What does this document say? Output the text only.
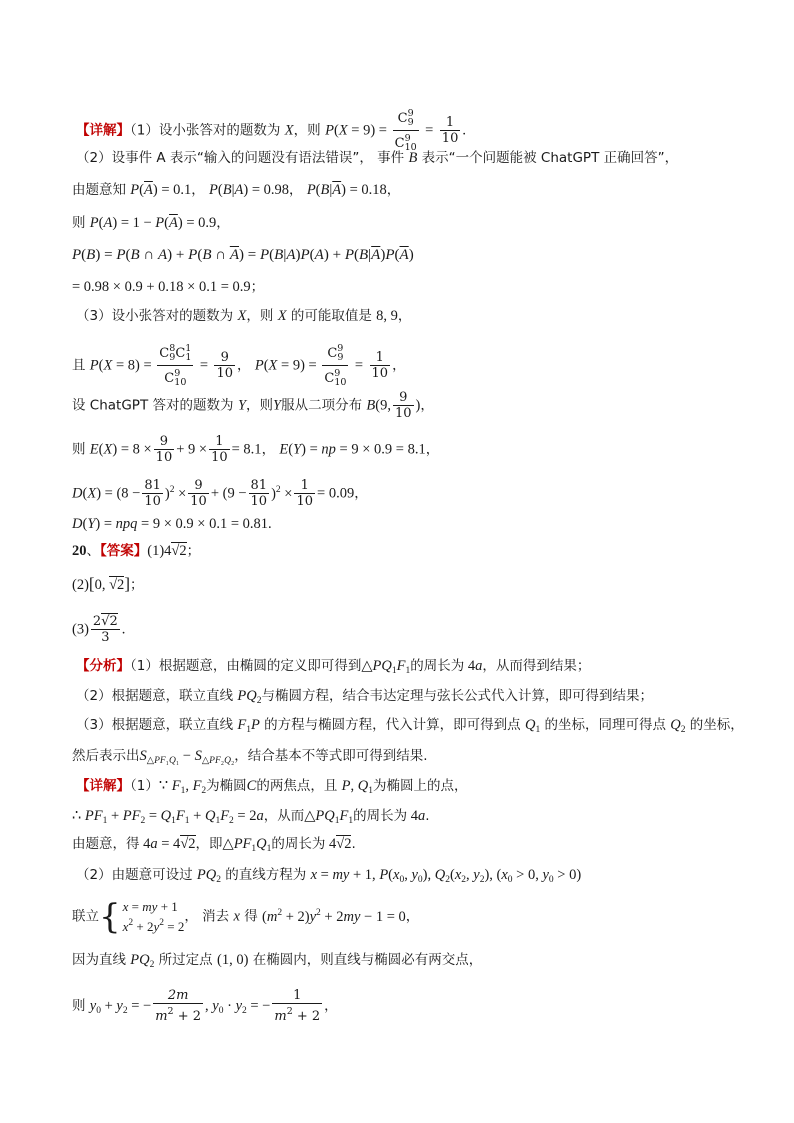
【详解】（1）设小张答对的题数为 X，则 $P(X = 9) = \frac{C^9_9}{C^9_{10}} = \frac{1}{10}$ .
（2）设事件 A 表示“输入的问题没有语法错误”， 事件 B 表示“一个问题能被 ChatGPT 正确回答”，
由题意知 $P(\overline{A}) = 0.1$， P(B|A) = 0.98， $P(B|\overline{A}) = 0.18$，
则 $P(A) = 1 - P(\overline{A}) = 0.9$，
P(B) = P(B ∩ A) + P(B ∩ $\overline{A}) = P(B|A)P(A) + P(B|\overline{A})P(\overline{A})$
= 0.98 × 0.9 + 0.18 × 0.1 = 0.9；
（3）设小张答对的题数为 X，则 X 的可能取值是 8, 9，
且 $P(X = 8) = \frac{C^8_9C^1_1}{C^9_{10}} = \frac{9}{10}$ ， $P(X = 9) = \frac{C^9_9}{C^9_{10}} = \frac{1}{10}$ ，
设 ChatGPT 答对的题数为 Y，则Y服从二项分布 B(9, $\frac{9}{10}$ )，
则 $E(X) = 8 \times \frac{9}{10} + 9 \times \frac{1}{10} = 8.1$， E(Y) = np = 9 × 0.9 = 8.1，
$D(X) = (8 - \frac{81}{10} )^2 \times \frac{9}{10} + (9 - \frac{81}{10} )^2 \times \frac{1}{10} = 0.09$，
D(Y) = npq = 9 × 0.9 × 0.1 = 0.81.
20、【答案】(1)4√2；
(2)[0, √2]；
$(3) \frac{2√2}{3}$ .
【分析】（1）根据题意，由椭圆的定义即可得到$\triangle PQ_1F_1$的周长为 4a，从而得到结果；
（2）根据题意，联立直线 $PQ_2$与椭圆方程，结合韦达定理与弦长公式代入计算，即可得到结果；
（3）根据题意，联立直线 $F_1P$ 的方程与椭圆方程，代入计算，即可得到点 $Q_1$ 的坐标，同理可得点 $Q_2$ 的坐标，
然后表示出$S_{\triangle PF_1Q_1} - S_{\triangle PF_2Q_2}$，结合基本不等式即可得到结果.
【详解】（1）∵ $F_1$, $F_2$为椭圆C的两焦点，且 P, $Q_1$为椭圆上的点，
∴ $PF_1 + PF_2 = Q_1F_1 + Q_1F_2 = 2a$，从而$\triangle PQ_1F_1$的周长为 4a.
由题意，得 4a = 4√2，即$\triangle PF_1Q_1$的周长为 4√2.
（2）由题意可设过 $PQ_2$ 的直线方程为 x = my + 1, $P(x_0$, $y_0$), $Q_2(x_2$, $y_2$), ($x_0 > 0$, $y_0 > 0$)
联立{ x = my + 1
$x^2 + 2y^2 = 2$
， 消去 x 得 $(m^2 + 2)y^2 + 2my - 1 = 0$，
因为直线 $PQ_2$ 所过定点 (1, 0) 在椭圆内，则直线与椭圆必有两交点，
则 $y_0 + y_2$ = − $\frac{2m}{m^2 + 2}$ , $y_0 \cdot y_2$ = − $\frac{1}{m^2 + 2}$ ，
